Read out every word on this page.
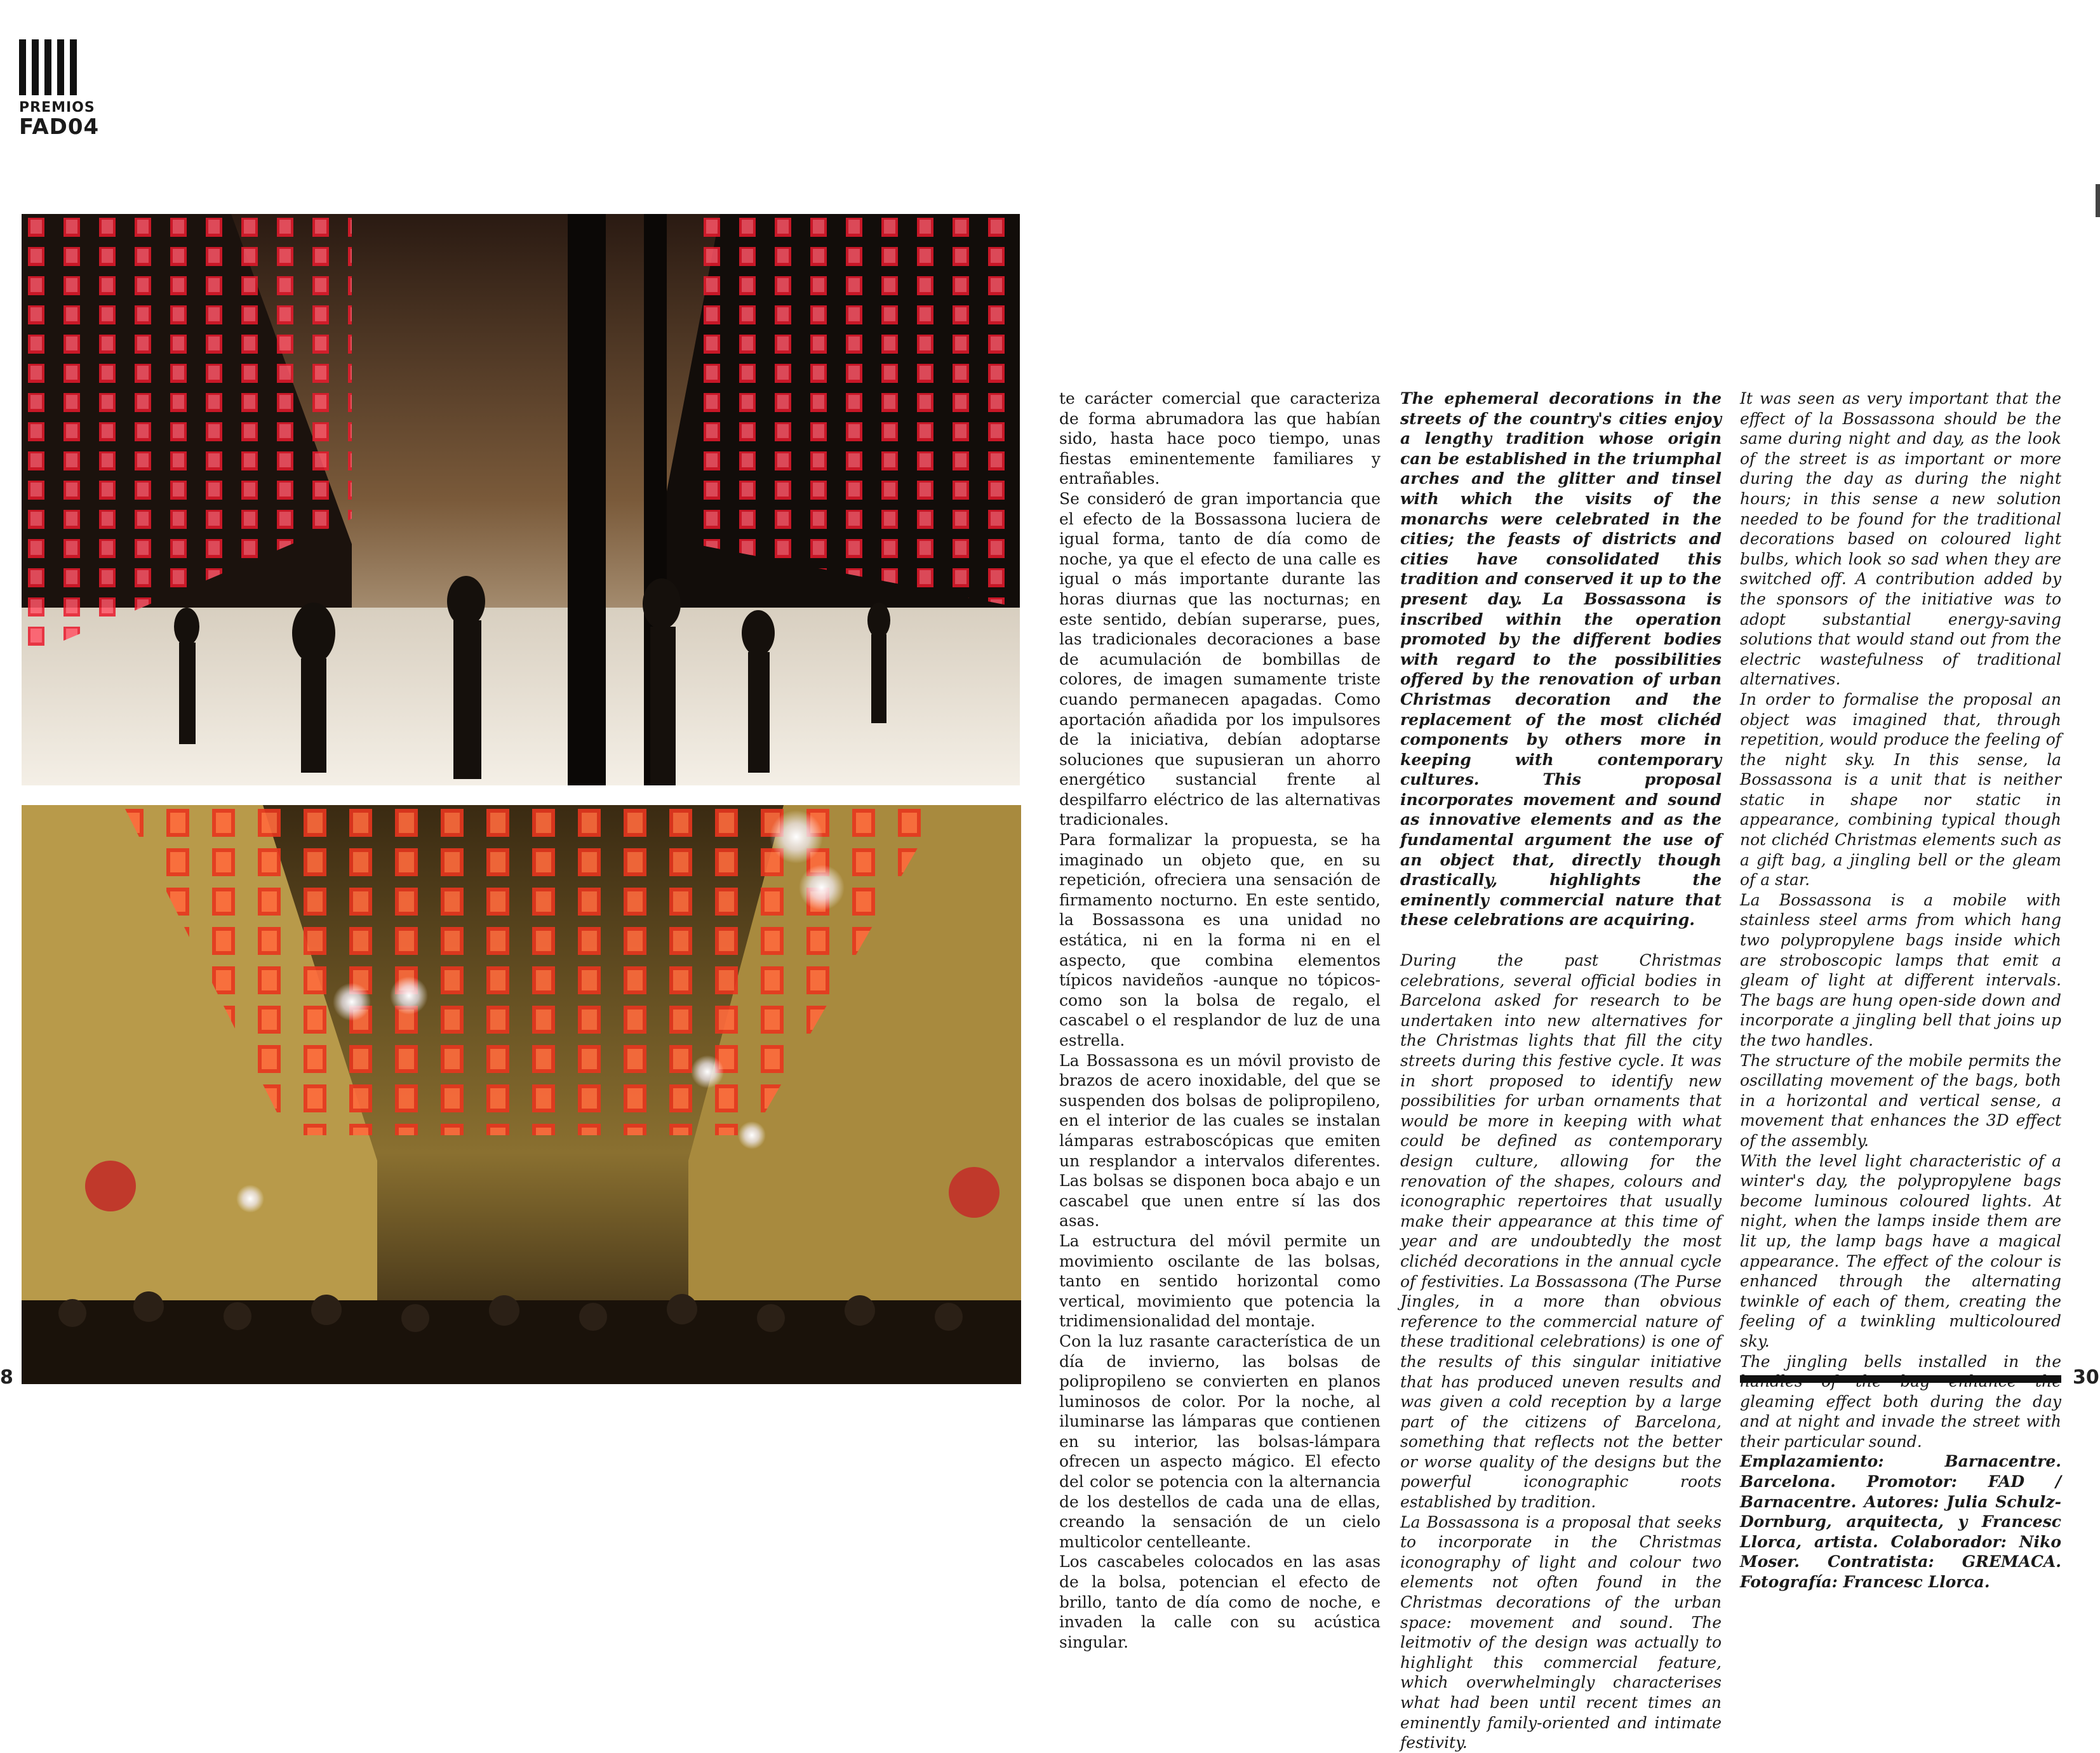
PREMIOS
FAD04

te carácter comercial que caracteriza de forma abrumadora las que habían sido, hasta hace poco tiempo, unas fiestas eminentemente familiares y entrañables.

Se consideró de gran importancia que el efecto de la Bossassona luciera de igual forma, tanto de día como de noche, ya que el efecto de una calle es igual o más importante durante las horas diurnas que las nocturnas; en este sentido, debían superarse, pues, las tradicionales decoraciones a base de acumulación de bombillas de colores, de imagen sumamente triste cuando permanecen apagadas. Como aportación añadida por los impulsores de la iniciativa, debían adoptarse soluciones que supusieran un ahorro energético sustancial frente al despilfarro eléctrico de las alternativas tradicionales.

Para formalizar la propuesta, se ha imaginado un objeto que, en su repetición, ofreciera una sensación de firmamento nocturno. En este sentido, la Bossassona es una unidad no estática, ni en la forma ni en el aspecto, que combina elementos típicos navideños -aunque no tópicos- como son la bolsa de regalo, el cascabel o el resplandor de luz de una estrella.

La Bossassona es un móvil provisto de brazos de acero inoxidable, del que se suspenden dos bolsas de polipropileno, en el interior de las cuales se instalan lámparas estraboscópicas que emiten un resplandor a intervalos diferentes. Las bolsas se disponen boca abajo e un cascabel que unen entre sí las dos asas.

La estructura del móvil permite un movimiento oscilante de las bolsas, tanto en sentido horizontal como vertical, movimiento que potencia la tridimensionalidad del montaje.

Con la luz rasante característica de un día de invierno, las bolsas de polipropileno se convierten en planos luminosos de color. Por la noche, al iluminarse las lámparas que contienen en su interior, las bolsas-lámpara ofrecen un aspecto mágico. El efecto del color se potencia con la alternancia de los destellos de cada una de ellas, creando la sensación de un cielo multicolor centelleante.

Los cascabeles colocados en las asas de la bolsa, potencian el efecto de brillo, tanto de día como de noche, e invaden la calle con su acústica singular.

The ephemeral decorations in the streets of the country's cities enjoy a lengthy tradition whose origin can be established in the triumphal arches and the glitter and tinsel with which the visits of the monarchs were celebrated in the cities; the feasts of districts and cities have consolidated this tradition and conserved it up to the present day. La Bossassona is inscribed within the operation promoted by the different bodies with regard to the possibilities offered by the renovation of urban Christmas decoration and the replacement of the most clichéd components by others more in keeping with contemporary cultures. This proposal incorporates movement and sound as innovative elements and as the fundamental argument the use of an object that, directly though drastically, highlights the eminently commercial nature that these celebrations are acquiring.

During the past Christmas celebrations, several official bodies in Barcelona asked for research to be undertaken into new alternatives for the Christmas lights that fill the city streets during this festive cycle. It was in short proposed to identify new possibilities for urban ornaments that would be more in keeping with what could be defined as contemporary design culture, allowing for the renovation of the shapes, colours and iconographic repertoires that usually make their appearance at this time of year and are undoubtedly the most clichéd decorations in the annual cycle of festivities. La Bossassona (The Purse Jingles, in a more than obvious reference to the commercial nature of these traditional celebrations) is one of the results of this singular initiative that has produced uneven results and was given a cold reception by a large part of the citizens of Barcelona, something that reflects not the better or worse quality of the designs but the powerful iconographic roots established by tradition.

La Bossassona is a proposal that seeks to incorporate in the Christmas iconography of light and colour two elements not often found in the Christmas decorations of the urban space: movement and sound. The leitmotiv of the design was actually to highlight this commercial feature, which overwhelmingly characterises what had been until recent times an eminently family-oriented and intimate festivity.

It was seen as very important that the effect of la Bossassona should be the same during night and day, as the look of the street is as important or more during the day as during the night hours; in this sense a new solution needed to be found for the traditional decorations based on coloured light bulbs, which look so sad when they are switched off. A contribution added by the sponsors of the initiative was to adopt substantial energy-saving solutions that would stand out from the electric wastefulness of traditional alternatives.

In order to formalise the proposal an object was imagined that, through repetition, would produce the feeling of the night sky. In this sense, la Bossassona is a unit that is neither static in shape nor static in appearance, combining typical though not clichéd Christmas elements such as a gift bag, a jingling bell or the gleam of a star.

La Bossassona is a mobile with stainless steel arms from which hang two polypropylene bags inside which are stroboscopic lamps that emit a gleam of light at different intervals. The bags are hung open-side down and incorporate a jingling bell that joins up the two handles.

The structure of the mobile permits the oscillating movement of the bags, both in a horizontal and vertical sense, a movement that enhances the 3D effect of the assembly.

With the level light characteristic of a winter's day, the polypropylene bags become luminous coloured lights. At night, when the lamps inside them are lit up, the lamp bags have a magical appearance. The effect of the colour is enhanced through the alternating twinkle of each of them, creating the feeling of a twinkling multicoloured sky.

The jingling bells installed in the gleaming effect both during the day and at night and invade the street with their particular sound.

Emplazamiento: Barnacentre. Barcelona. Promotor: FAD / Barnacentre. Autores: Julia Schulz-Dornburg, arquitecta, y Francesc Llorca, artista. Colaborador: Niko Moser. Contratista: GREMACA. Fotografía: Francesc Llorca.

8	30
